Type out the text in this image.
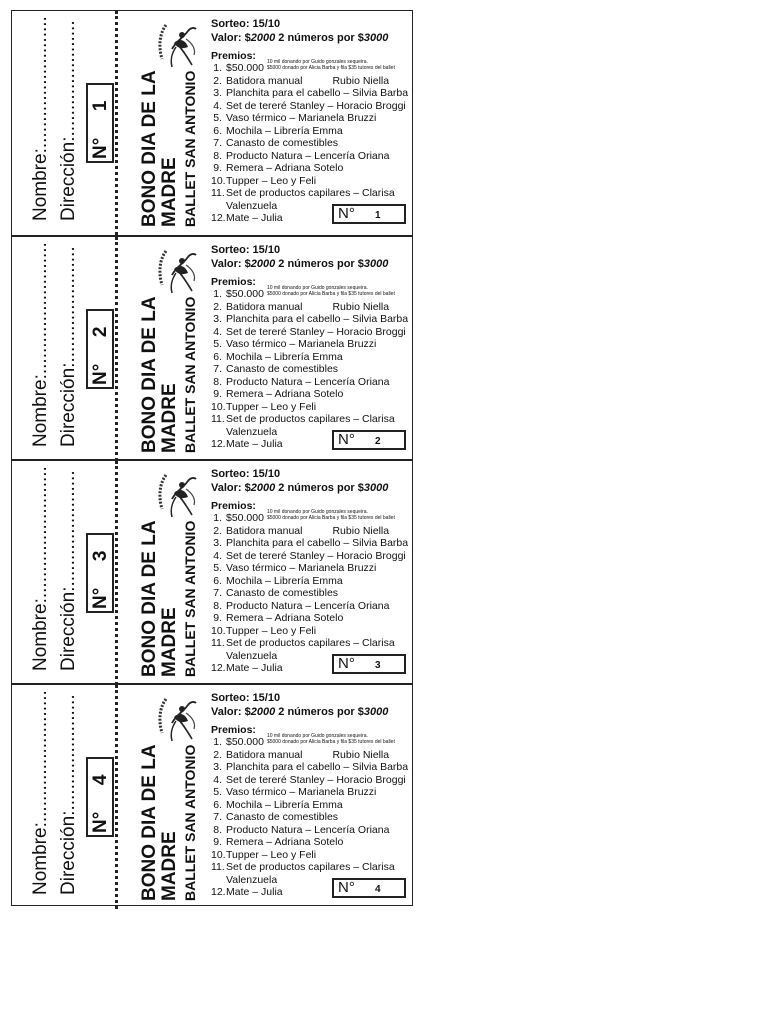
Nombre:......................... Dirección:...................... N°  1 BONO DIA DE LA MADRE BALLET SAN ANTONIO
Sorteo: 15/10
Valor: $2000 2 números por $3000
Premios:
1. $50.000 10 mil donando por Guido gonzales sequeira.
$5000 donado por Alicia Barba y fila $35 tutores del ballet
2. Batidora manual	Rubio Niella
3. Planchita para el cabello – Silvia Barba
4. Set de tereré Stanley – Horacio Broggi
5. Vaso térmico – Marianela Bruzzi
6. Mochila – Librería Emma
7. Canasto de comestibles
8. Producto Natura – Lencería Oriana
9. Remera – Adriana Sotelo
10. Tupper – Leo y Feli
11. Set de productos capilares – Clarisa
Valenzuela
12. Mate – Julia	N° 1
Nombre:......................... Dirección:...................... N°  2 BONO DIA DE LA MADRE BALLET SAN ANTONIO
Sorteo: 15/10
Valor: $2000 2 números por $3000
Premios:
1. $50.000 10 mil donando por Guido gonzales sequeira.
$5000 donado por Alicia Barba y fila $35 tutores del ballet
2. Batidora manual	Rubio Niella
3. Planchita para el cabello – Silvia Barba
4. Set de tereré Stanley – Horacio Broggi
5. Vaso térmico – Marianela Bruzzi
6. Mochila – Librería Emma
7. Canasto de comestibles
8. Producto Natura – Lencería Oriana
9. Remera – Adriana Sotelo
10. Tupper – Leo y Feli
11. Set de productos capilares – Clarisa
Valenzuela
12. Mate – Julia	N° 2
Nombre:......................... Dirección:...................... N°  3 BONO DIA DE LA MADRE BALLET SAN ANTONIO
Sorteo: 15/10
Valor: $2000 2 números por $3000
Premios:
1. $50.000 10 mil donando por Guido gonzales sequeira.
$5000 donado por Alicia Barba y fila $35 tutores del ballet
2. Batidora manual	Rubio Niella
3. Planchita para el cabello – Silvia Barba
4. Set de tereré Stanley – Horacio Broggi
5. Vaso térmico – Marianela Bruzzi
6. Mochila – Librería Emma
7. Canasto de comestibles
8. Producto Natura – Lencería Oriana
9. Remera – Adriana Sotelo
10. Tupper – Leo y Feli
11. Set de productos capilares – Clarisa
Valenzuela
12. Mate – Julia	N° 3
Nombre:......................... Dirección:...................... N°  4 BONO DIA DE LA MADRE BALLET SAN ANTONIO
Sorteo: 15/10
Valor: $2000 2 números por $3000
Premios:
1. $50.000 10 mil donando por Guido gonzales sequeira.
$5000 donado por Alicia Barba y fila $35 tutores del ballet
2. Batidora manual	Rubio Niella
3. Planchita para el cabello – Silvia Barba
4. Set de tereré Stanley – Horacio Broggi
5. Vaso térmico – Marianela Bruzzi
6. Mochila – Librería Emma
7. Canasto de comestibles
8. Producto Natura – Lencería Oriana
9. Remera – Adriana Sotelo
10. Tupper – Leo y Feli
11. Set de productos capilares – Clarisa
Valenzuela
12. Mate – Julia	N° 4
